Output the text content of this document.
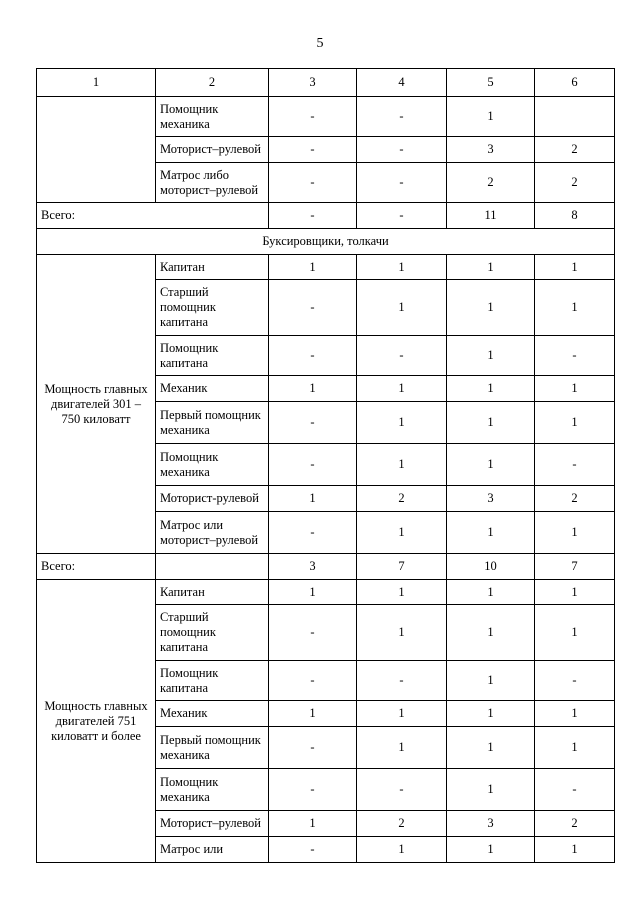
5
1	2	3	4	5	6
	Помощник механика	-	-	1	
	Моторист–рулевой	-	-	3	2
	Матрос либо моторист–рулевой	-	-	2	2
Всего:		-	-	11	8
Буксировщики, толкачи					
Мощность главных двигателей 301 – 750 киловатт	Капитан	1	1	1	1
	Старший помощник капитана	-	1	1	1
	Помощник капитана	-	-	1	-
	Механик	1	1	1	1
	Первый помощник механика	-	1	1	1
	Помощник механика	-	1	1	-
	Моторист-рулевой	1	2	3	2
	Матрос или моторист–рулевой	-	1	1	1
Всего:		3	7	10	7
Мощность главных двигателей 751 киловатт и более	Капитан	1	1	1	1
	Старший помощник капитана	-	1	1	1
	Помощник капитана	-	-	1	-
	Механик	1	1	1	1
	Первый помощник механика	-	1	1	1
	Помощник механика	-	-	1	-
	Моторист–рулевой	1	2	3	2
	Матрос или	-	1	1	1
